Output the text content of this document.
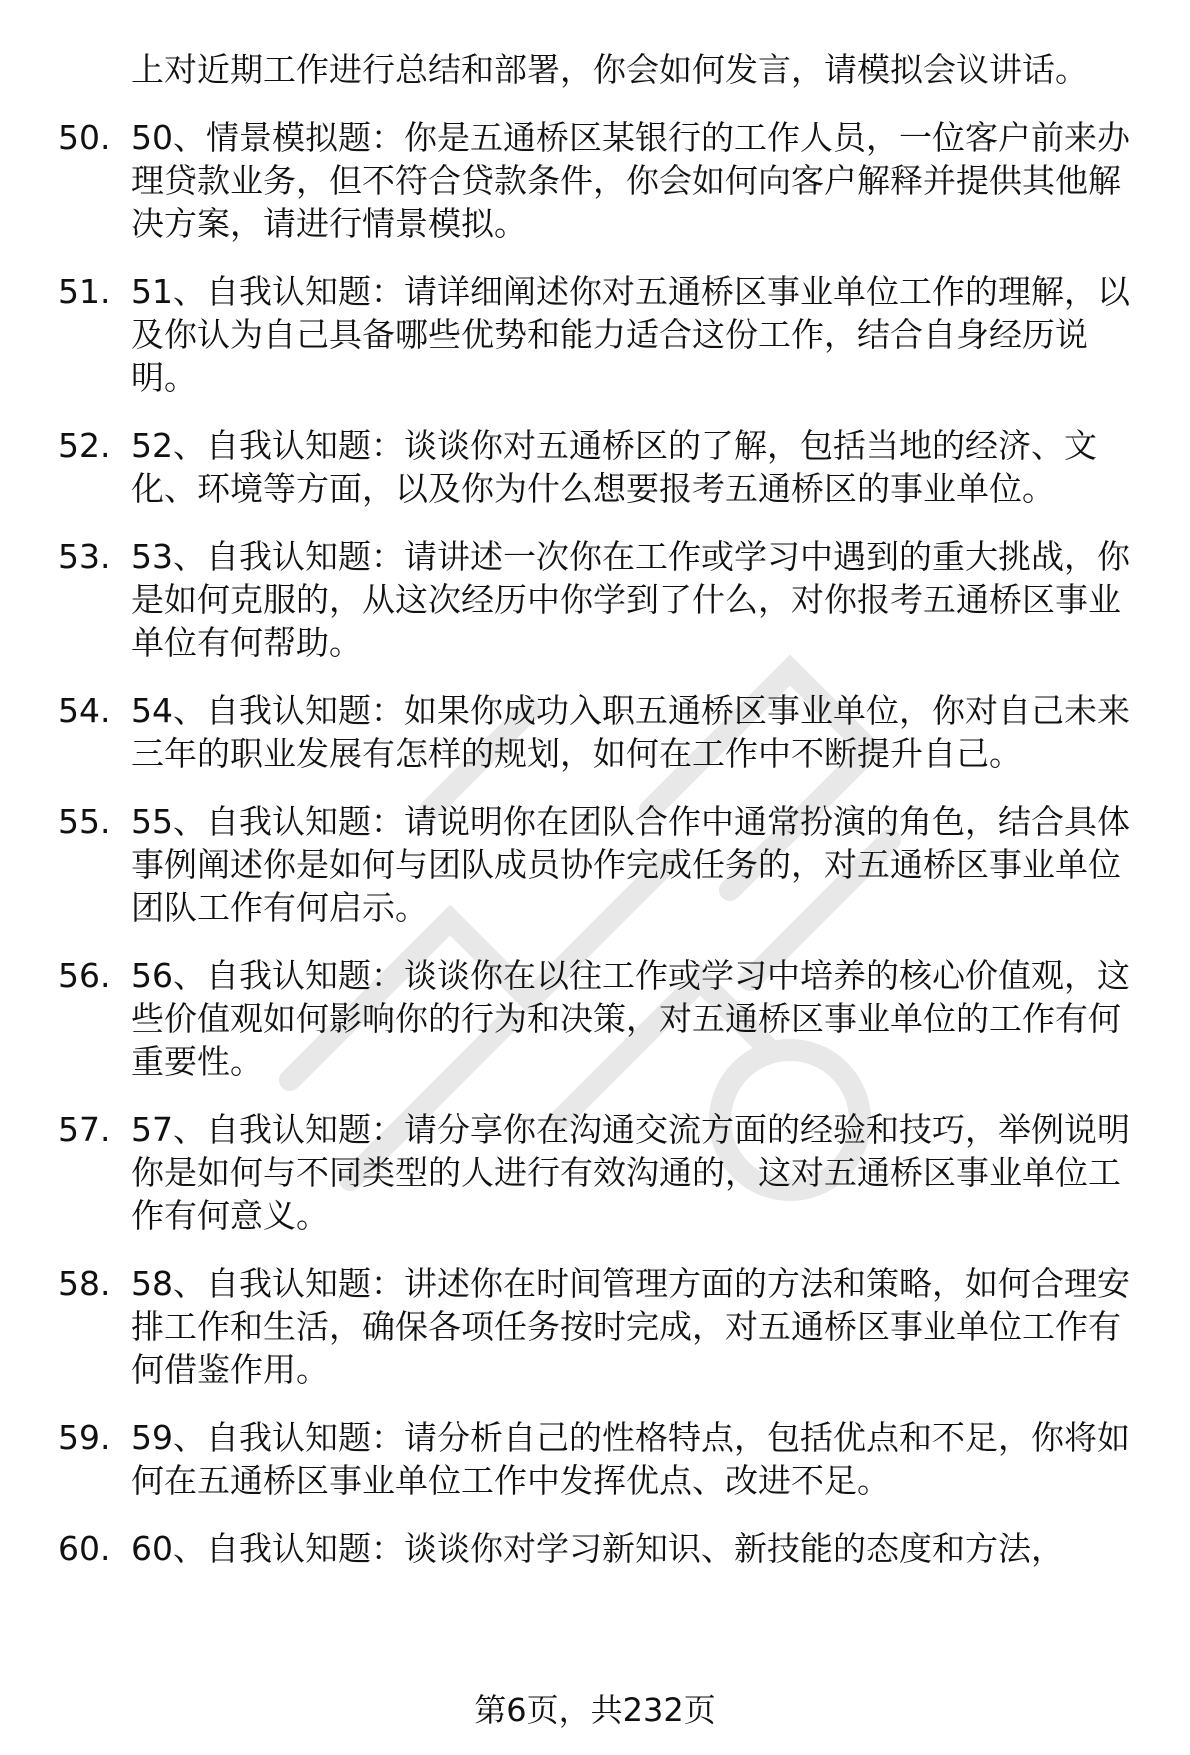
上对近期工作进行总结和部署，你会如何发言，请模拟会议讲话。

50. 50、情景模拟题：你是五通桥区某银行的工作人员，一位客户前来办理贷款业务，但不符合贷款条件，你会如何向客户解释并提供其他解决方案，请进行情景模拟。
51. 51、自我认知题：请详细阐述你对五通桥区事业单位工作的理解，以及你认为自己具备哪些优势和能力适合这份工作，结合自身经历说明。
52. 52、自我认知题：谈谈你对五通桥区的了解，包括当地的经济、文化、环境等方面，以及你为什么想要报考五通桥区的事业单位。
53. 53、自我认知题：请讲述一次你在工作或学习中遇到的重大挑战，你是如何克服的，从这次经历中你学到了什么，对你报考五通桥区事业单位有何帮助。
54. 54、自我认知题：如果你成功入职五通桥区事业单位，你对自己未来三年的职业发展有怎样的规划，如何在工作中不断提升自己。
55. 55、自我认知题：请说明你在团队合作中通常扮演的角色，结合具体事例阐述你是如何与团队成员协作完成任务的，对五通桥区事业单位团队工作有何启示。
56. 56、自我认知题：谈谈你在以往工作或学习中培养的核心价值观，这些价值观如何影响你的行为和决策，对五通桥区事业单位的工作有何重要性。
57. 57、自我认知题：请分享你在沟通交流方面的经验和技巧，举例说明你是如何与不同类型的人进行有效沟通的，这对五通桥区事业单位工作有何意义。
58. 58、自我认知题：讲述你在时间管理方面的方法和策略，如何合理安排工作和生活，确保各项任务按时完成，对五通桥区事业单位工作有何借鉴作用。
59. 59、自我认知题：请分析自己的性格特点，包括优点和不足，你将如何在五通桥区事业单位工作中发挥优点、改进不足。
60. 60、自我认知题：谈谈你对学习新知识、新技能的态度和方法，
第6页，共232页
